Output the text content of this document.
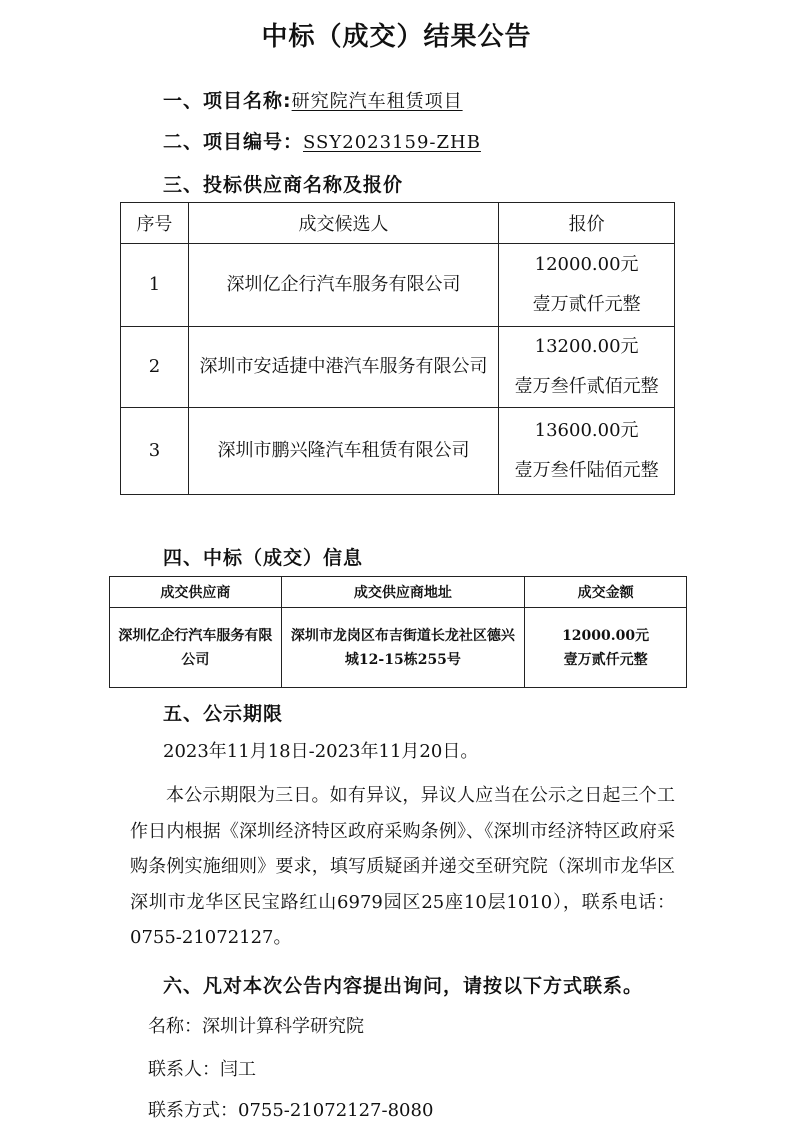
中标（成交）结果公告
一、项目名称:研究院汽车租赁项目
二、项目编号：SSY2023159-ZHB
三、投标供应商名称及报价
序号	成交候选人	报价
1	深圳亿企行汽车服务有限公司	12000.00元
壹万贰仟元整

2	深圳市安适捷中港汽车服务有限公司	13200.00元
壹万叁仟贰佰元整

3	深圳市鹏兴隆汽车租赁有限公司	13600.00元
壹万叁仟陆佰元整
四、中标（成交）信息
成交供应商	成交供应商地址	成交金额
深圳亿企行汽车服务有限公司	深圳市龙岗区布吉街道长龙社区德兴城12-15栋255号	12000.00元
壹万贰仟元整
五、公示期限
2023年11月18日-2023年11月20日。
本公示期限为三日。如有异议，异议人应当在公示之日起三个工作日内根据《深圳经济特区政府采购条例》、《深圳市经济特区政府采购条例实施细则》要求，填写质疑函并递交至研究院（深圳市龙华区深圳市龙华区民宝路红山6979园区25座10层1010），联系电话：0755-21072127。
六、凡对本次公告内容提出询问，请按以下方式联系。
名称：深圳计算科学研究院
联系人：闫工
联系方式：0755-21072127-8080
